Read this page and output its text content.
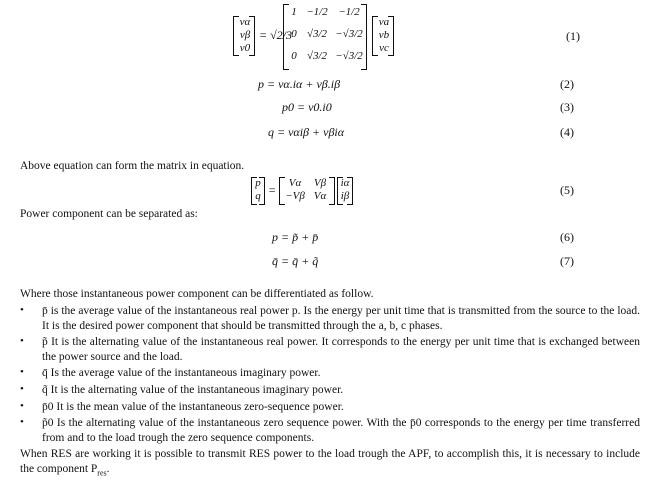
vα
vβ
v0
= √2/3
1 −1/2 −1/2
0 √3/2 −√3/2
0 √3/2 −√3/2
va
vb
vc
(1)
p = vα.iα + vβ.iβ	(2)
p0 = v0.i0	(3)
q = vαiβ + vβiα	(4)
Above equation can form the matrix in equation.
p
q =	Vα	Vβ
−Vβ Vα
iα
iβ	(5)
Power component can be separated as:
p = p̃ + p̄	(6)
q̄ = q̄ + q̃	(7)
Where those instantaneous power component can be differentiated as follow.
• p̄ is the average value of the instantaneous real power p. Is the energy per unit time that is transmitted from the source to the load. It is the desired power component that should be transmitted through the a, b, c phases.
• p̃ It is the alternating value of the instantaneous real power. It corresponds to the energy per unit time that is exchanged between the power source and the load.
• q̄ Is the average value of the instantaneous imaginary power.
• q̃ It is the alternating value of the instantaneous imaginary power.
• p̄0 It is the mean value of the instantaneous zero-sequence power.
• p̃0 Is the alternating value of the instantaneous zero sequence power. With the p̄0 corresponds to the energy per time transferred from and to the load trough the zero sequence components.
When RES are working it is possible to transmit RES power to the load trough the APF, to accomplish this, it is necessary to include the component $P_{res}$.
